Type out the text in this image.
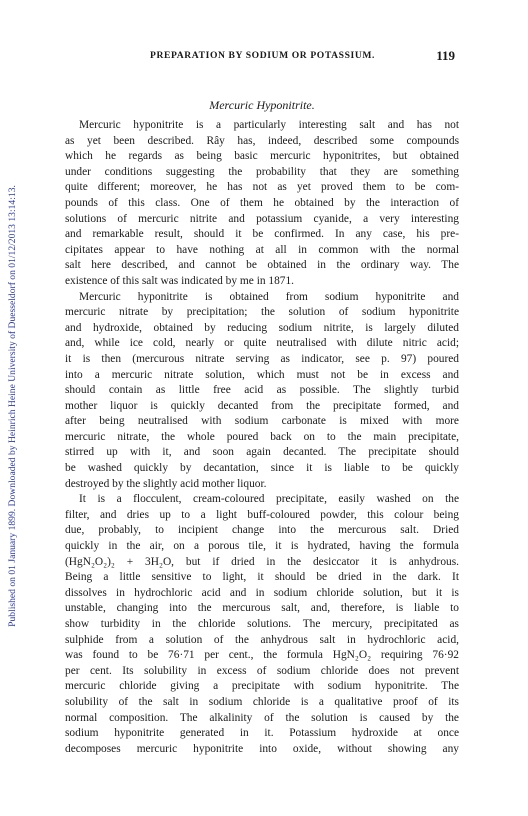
Published on 01 January 1899. Downloaded by Heinrich Heine University of Duesseldorf on 01/12/2013 13:14:13.
PREPARATION BY SODIUM OR POTASSIUM.	119
Mercuric Hyponitrite.
Mercuric hyponitrite is a particularly interesting salt and has not
as yet been described. Rây has, indeed, described some compounds
which he regards as being basic mercuric hyponitrites, but obtained
under conditions suggesting the probability that they are something
quite different; moreover, he has not as yet proved them to be com-
pounds of this class. One of them he obtained by the interaction of
solutions of mercuric nitrite and potassium cyanide, a very interesting
and remarkable result, should it be confirmed. In any case, his pre-
cipitates appear to have nothing at all in common with the normal
salt here described, and cannot be obtained in the ordinary way. The
existence of this salt was indicated by me in 1871.
Mercuric hyponitrite is obtained from sodium hyponitrite and
mercuric nitrate by precipitation; the solution of sodium hyponitrite
and hydroxide, obtained by reducing sodium nitrite, is largely diluted
and, while ice cold, nearly or quite neutralised with dilute nitric acid;
it is then (mercurous nitrate serving as indicator, see p. 97) poured
into a mercuric nitrate solution, which must not be in excess and
should contain as little free acid as possible. The slightly turbid
mother liquor is quickly decanted from the precipitate formed, and
after being neutralised with sodium carbonate is mixed with more
mercuric nitrate, the whole poured back on to the main precipitate,
stirred up with it, and soon again decanted. The precipitate should
be washed quickly by decantation, since it is liable to be quickly
destroyed by the slightly acid mother liquor.
It is a flocculent, cream-coloured precipitate, easily washed on the
filter, and dries up to a light buff-coloured powder, this colour being
due, probably, to incipient change into the mercurous salt. Dried
quickly in the air, on a porous tile, it is hydrated, having the formula
(HgN₂O₂)₂ + 3H₂O, but if dried in the desiccator it is anhydrous.
Being a little sensitive to light, it should be dried in the dark. It
dissolves in hydrochloric acid and in sodium chloride solution, but it is
unstable, changing into the mercurous salt, and, therefore, is liable to
show turbidity in the chloride solutions. The mercury, precipitated as
sulphide from a solution of the anhydrous salt in hydrochloric acid,
was found to be 76·71 per cent., the formula HgN₂O₂ requiring 76·92
per cent. Its solubility in excess of sodium chloride does not prevent
mercuric chloride giving a precipitate with sodium hyponitrite. The
solubility of the salt in sodium chloride is a qualitative proof of its
normal composition. The alkalinity of the solution is caused by the
sodium hyponitrite generated in it. Potassium hydroxide at once
decomposes mercuric hyponitrite into oxide, without showing any
